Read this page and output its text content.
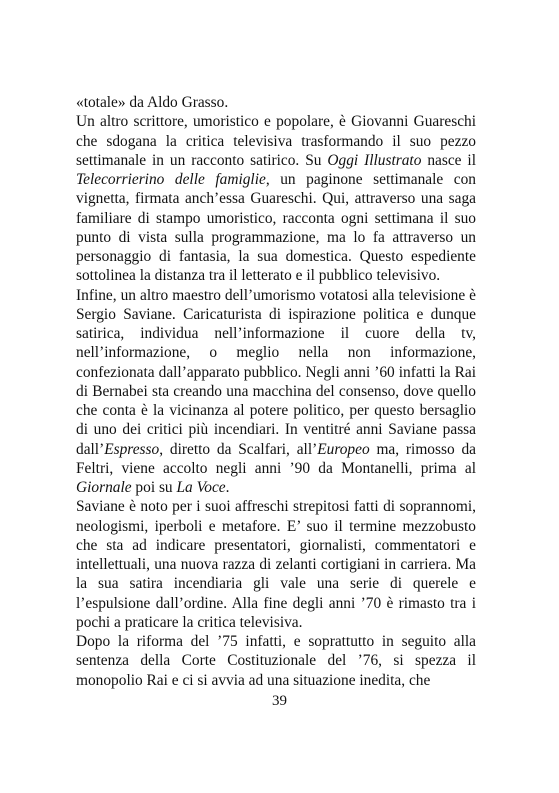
«totale» da Aldo Grasso.

Un altro scrittore, umoristico e popolare, è Giovanni Guareschi che sdogana la critica televisiva trasformando il suo pezzo settimanale in un racconto satirico. Su Oggi Illustrato nasce il Telecorrierino delle famiglie, un paginone settimanale con vignetta, firmata anch’essa Guareschi. Qui, attraverso una saga familiare di stampo umoristico, racconta ogni settimana il suo punto di vista sulla programmazione, ma lo fa attraverso un personaggio di fantasia, la sua domestica. Questo espediente sottolinea la distanza tra il letterato e il pubblico televisivo.

Infine, un altro maestro dell’umorismo votatosi alla televisione è Sergio Saviane. Caricaturista di ispirazione politica e dunque satirica, individua nell’informazione il cuore della tv, nell’informazione, o meglio nella non informazione, confezionata dall’apparato pubblico. Negli anni ’60 infatti la Rai di Bernabei sta creando una macchina del consenso, dove quello che conta è la vicinanza al potere politico, per questo bersaglio di uno dei critici più incendiari. In ventitré anni Saviane passa dall’Espresso, diretto da Scalfari, all’Europeo ma, rimosso da Feltri, viene accolto negli anni ’90 da Montanelli, prima al Giornale poi su La Voce.

Saviane è noto per i suoi affreschi strepitosi fatti di soprannomi, neologismi, iperboli e metafore. E’ suo il termine mezzobusto che sta ad indicare presentatori, giornalisti, commentatori e intellettuali, una nuova razza di zelanti cortigiani in carriera. Ma la sua satira incendiaria gli vale una serie di querele e l’espulsione dall’ordine. Alla fine degli anni ’70 è rimasto tra i pochi a praticare la critica televisiva.

Dopo la riforma del ’75 infatti, e soprattutto in seguito alla sentenza della Corte Costituzionale del ’76, si spezza il monopolio Rai e ci si avvia ad una situazione inedita, che

39
